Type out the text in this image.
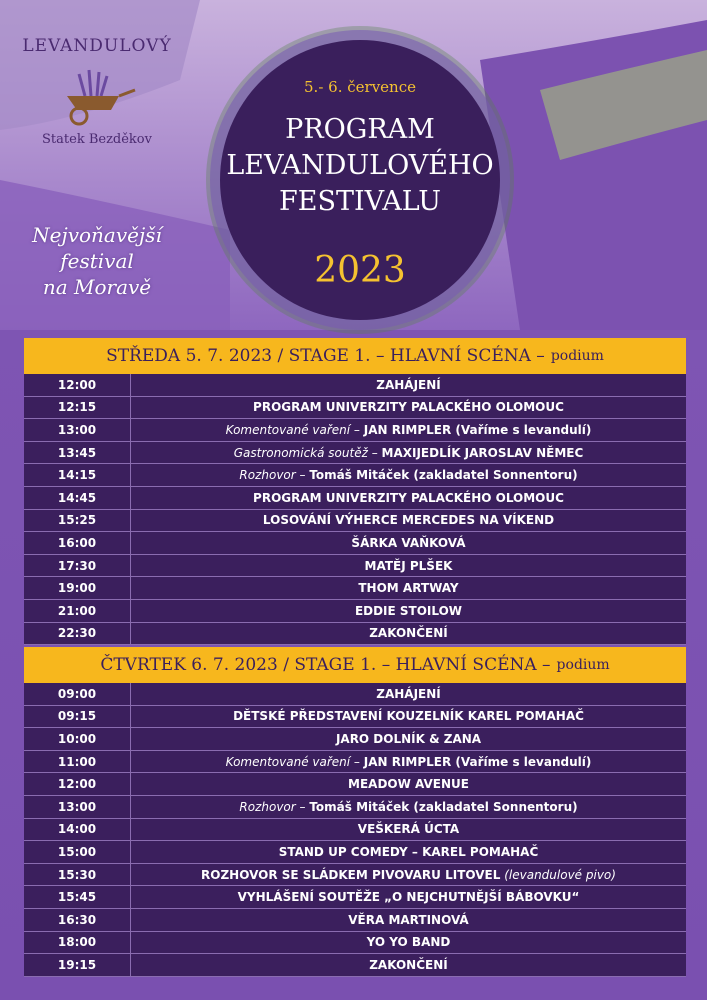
LEVANDULOVÝ
Statek Bezděkov
Nejvoňavější
festival
na Moravě
5.- 6. července
PROGRAM
LEVANDULOVÉHO
FESTIVALU
2023
STŘEDA 5. 7. 2023 / STAGE 1. – HLAVNÍ SCÉNA – podium
12:00	ZAHÁJENÍ
12:15	PROGRAM UNIVERZITY PALACKÉHO OLOMOUC
13:00	Komentované vaření – JAN RIMPLER (Vaříme s levandulí)
13:45	Gastronomická soutěž – MAXIJEDLÍK JAROSLAV NĚMEC
14:15	Rozhovor – Tomáš Mitáček (zakladatel Sonnentoru)
14:45	PROGRAM UNIVERZITY PALACKÉHO OLOMOUC
15:25	LOSOVÁNÍ VÝHERCE MERCEDES NA VÍKEND
16:00	ŠÁRKA VAŇKOVÁ
17:30	MATĚJ PLŠEK
19:00	THOM ARTWAY
21:00	EDDIE STOILOW
22:30	ZAKONČENÍ
ČTVRTEK 6. 7. 2023 / STAGE 1. – HLAVNÍ SCÉNA – podium
09:00	ZAHÁJENÍ
09:15	DĚTSKÉ PŘEDSTAVENÍ KOUZELNÍK KAREL POMAHAČ
10:00	JARO DOLNÍK & ZANA
11:00	Komentované vaření – JAN RIMPLER (Vaříme s levandulí)
12:00	MEADOW AVENUE
13:00	Rozhovor – Tomáš Mitáček (zakladatel Sonnentoru)
14:00	VEŠKERÁ ÚCTA
15:00	STAND UP COMEDY – KAREL POMAHAČ
15:30	ROZHOVOR SE SLÁDKEM PIVOVARU LITOVEL (levandulové pivo)
15:45	VYHLÁŠENÍ SOUTĚŽE „O NEJCHUTNĚJŠÍ BÁBOVKU“
16:30	VĚRA MARTINOVÁ
18:00	YO YO BAND
19:15	ZAKONČENÍ
